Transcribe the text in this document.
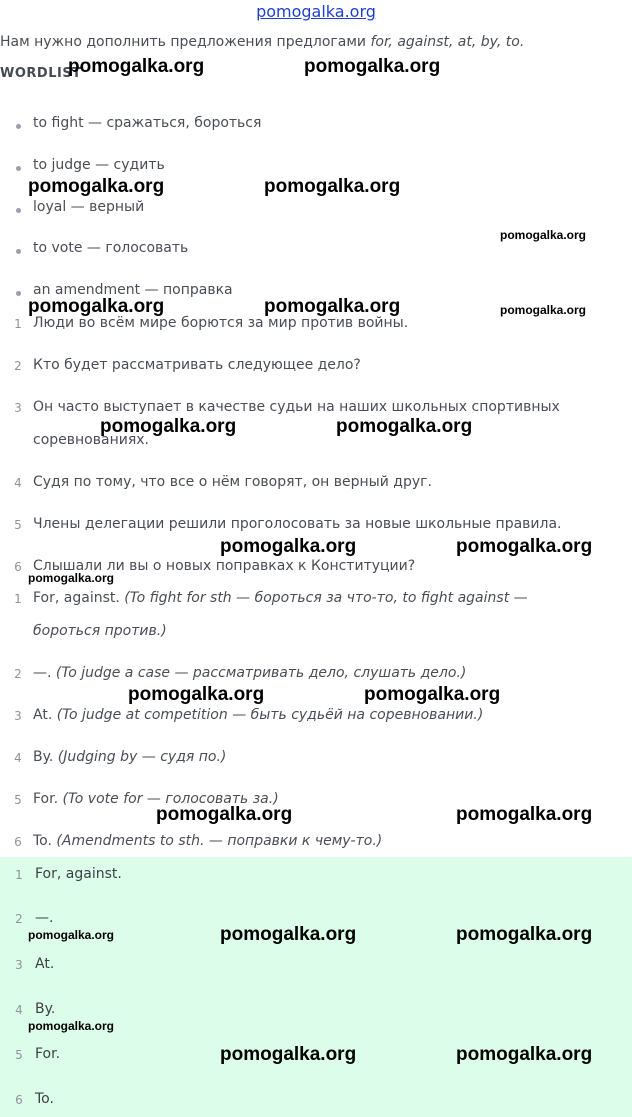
pomogalka.org
Нам нужно дополнить предложения предлогами for, against, at, by, to.
WORDLIST
to fight — сражаться, бороться
to judge — судить
loyal — верный
to vote — голосовать
an amendment — поправка
1 Люди во всём мире борются за мир против войны.
2 Кто будет рассматривать следующее дело?
3 Он часто выступает в качестве судьи на наших школьных спортивных
соревнованиях.
4 Судя по тому, что все о нём говорят, он верный друг.
5 Члены делегации решили проголосовать за новые школьные правила.
6 Слышали ли вы о новых поправках к Конституции?
1 For, against. (To fight for sth — бороться за что-то, to fight against —
бороться против.)
2 —. (To judge a case — рассматривать дело, слушать дело.)
3 At. (To judge at competition — быть судьёй на соревновании.)
4 By. (Judging by — судя по.)
5 For. (To vote for — голосовать за.)
6 To. (Amendments to sth. — поправки к чему-то.)
1 For, against.
2 —.
3 At.
4 By.
5 For.
6 To.
pomogalka.org	pomogalka.org
pomogalka.org	pomogalka.org
pomogalka.org
pomogalka.org	pomogalka.org	pomogalka.org
pomogalka.org	pomogalka.org
pomogalka.org	pomogalka.org
pomogalka.org
pomogalka.org	pomogalka.org
pomogalka.org	pomogalka.org
pomogalka.org	pomogalka.org	pomogalka.org
pomogalka.org
pomogalka.org	pomogalka.org
